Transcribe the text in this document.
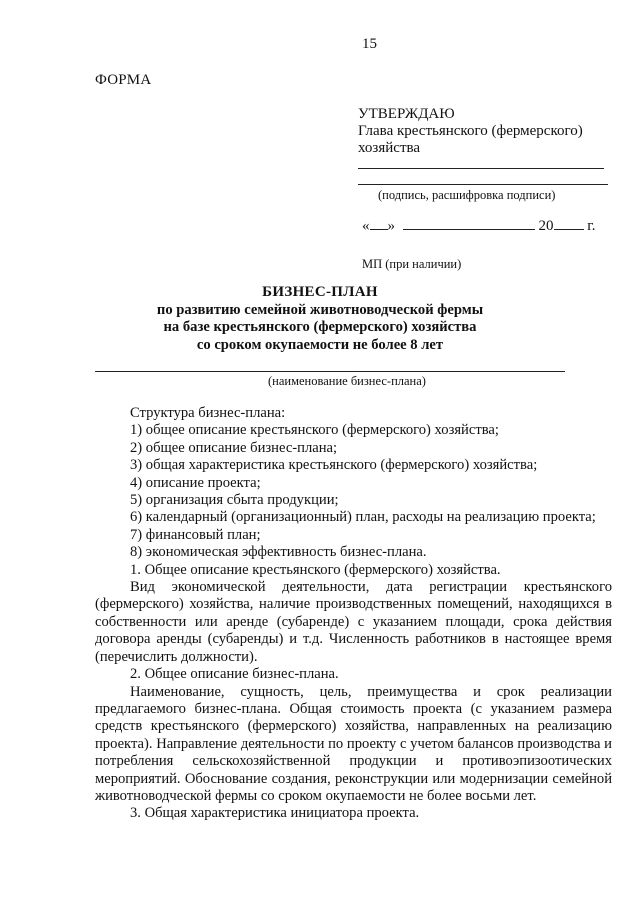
15
ФОРМА
УТВЕРЖДАЮ
Глава крестьянского (фермерского)
хозяйства
(подпись, расшифровка подписи)
« »	20 г.
МП (при наличии)
БИЗНЕС-ПЛАН
по развитию семейной животноводческой фермы
на базе крестьянского (фермерского) хозяйства
со сроком окупаемости не более 8 лет
(наименование бизнес-плана)

Структура бизнес-плана:

1) общее описание крестьянского (фермерского) хозяйства;

2) общее описание бизнес-плана;

3) общая характеристика крестьянского (фермерского) хозяйства;

4) описание проекта;

5) организация сбыта продукции;

6) календарный (организационный) план, расходы на реализацию проекта;

7) финансовый план;

8) экономическая эффективность бизнес-плана.

1. Общее описание крестьянского (фермерского) хозяйства.

Вид экономической деятельности, дата регистрации крестьянского (фермерского) хозяйства, наличие производственных помещений, находящихся в собственности или аренде (субаренде) с указанием площади, срока действия договора аренды (субаренды) и т.д. Численность работников в настоящее время (перечислить должности).

2. Общее описание бизнес-плана.

Наименование, сущность, цель, преимущества и срок реализации предлагаемого бизнес-плана. Общая стоимость проекта (с указанием размера средств крестьянского (фермерского) хозяйства, направленных на реализацию проекта). Направление деятельности по проекту с учетом балансов производства и потребления сельскохозяйственной продукции и противоэпизоотических мероприятий. Обоснование создания, реконструкции или модернизации семейной животноводческой фермы со сроком окупаемости не более восьми лет.

3. Общая характеристика инициатора проекта.
